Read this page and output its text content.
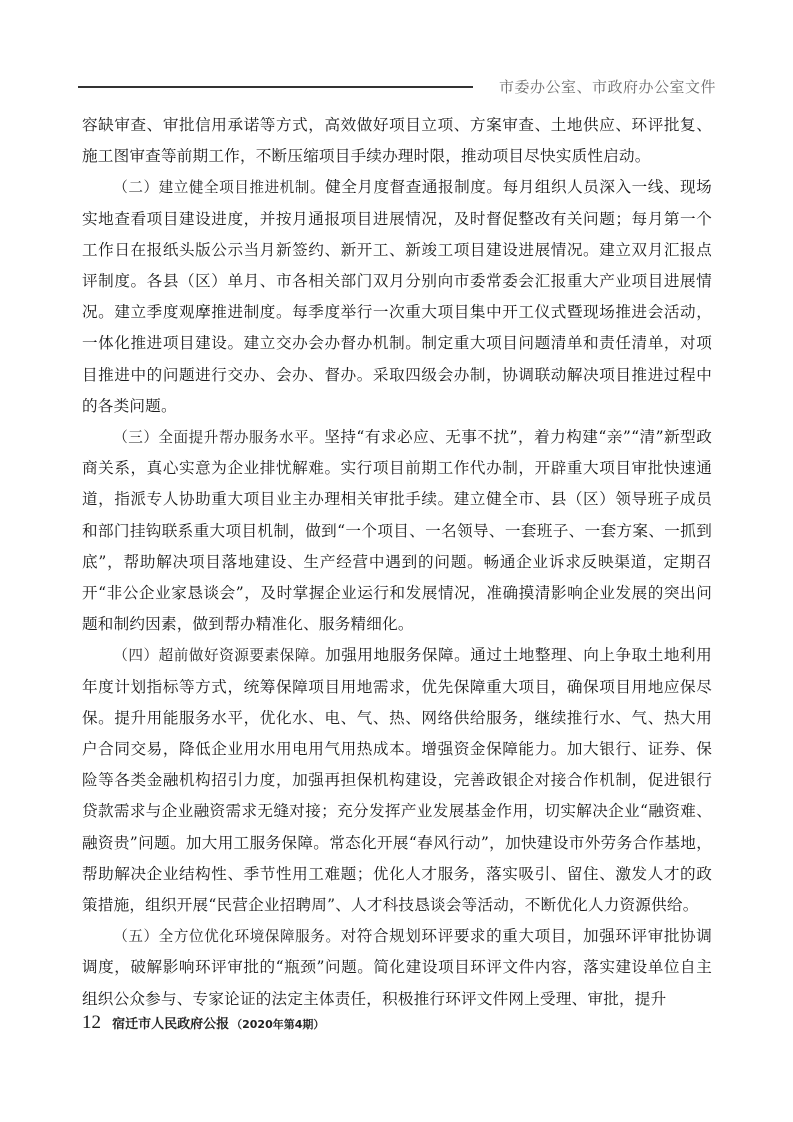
市委办公室、市政府办公室文件

容缺审查、审批信用承诺等方式，高效做好项目立项、方案审查、土地供应、环评批复、施工图审查等前期工作，不断压缩项目手续办理时限，推动项目尽快实质性启动。

（二）建立健全项目推进机制。健全月度督查通报制度。每月组织人员深入一线、现场实地查看项目建设进度，并按月通报项目进展情况，及时督促整改有关问题；每月第一个工作日在报纸头版公示当月新签约、新开工、新竣工项目建设进展情况。建立双月汇报点评制度。各县（区）单月、市各相关部门双月分别向市委常委会汇报重大产业项目进展情况。建立季度观摩推进制度。每季度举行一次重大项目集中开工仪式暨现场推进会活动，一体化推进项目建设。建立交办会办督办机制。制定重大项目问题清单和责任清单，对项目推进中的问题进行交办、会办、督办。采取四级会办制，协调联动解决项目推进过程中的各类问题。

（三）全面提升帮办服务水平。坚持“有求必应、无事不扰”，着力构建“亲”“清”新型政商关系，真心实意为企业排忧解难。实行项目前期工作代办制，开辟重大项目审批快速通道，指派专人协助重大项目业主办理相关审批手续。建立健全市、县（区）领导班子成员和部门挂钩联系重大项目机制，做到“一个项目、一名领导、一套班子、一套方案、一抓到底”，帮助解决项目落地建设、生产经营中遇到的问题。畅通企业诉求反映渠道，定期召开“非公企业家恳谈会”，及时掌握企业运行和发展情况，准确摸清影响企业发展的突出问题和制约因素，做到帮办精准化、服务精细化。

（四）超前做好资源要素保障。加强用地服务保障。通过土地整理、向上争取土地利用年度计划指标等方式，统筹保障项目用地需求，优先保障重大项目，确保项目用地应保尽保。提升用能服务水平，优化水、电、气、热、网络供给服务，继续推行水、气、热大用户合同交易，降低企业用水用电用气用热成本。增强资金保障能力。加大银行、证券、保险等各类金融机构招引力度，加强再担保机构建设，完善政银企对接合作机制，促进银行贷款需求与企业融资需求无缝对接；充分发挥产业发展基金作用，切实解决企业“融资难、融资贵”问题。加大用工服务保障。常态化开展“春风行动”，加快建设市外劳务合作基地，帮助解决企业结构性、季节性用工难题；优化人才服务，落实吸引、留住、激发人才的政策措施，组织开展“民营企业招聘周”、人才科技恳谈会等活动，不断优化人力资源供给。

（五）全方位优化环境保障服务。对符合规划环评要求的重大项目，加强环评审批协调调度，破解影响环评审批的“瓶颈”问题。简化建设项目环评文件内容，落实建设单位自主组织公众参与、专家论证的法定主体责任，积极推行环评文件网上受理、审批，提升

12 宿迁市人民政府公报 （2020年第4期）
